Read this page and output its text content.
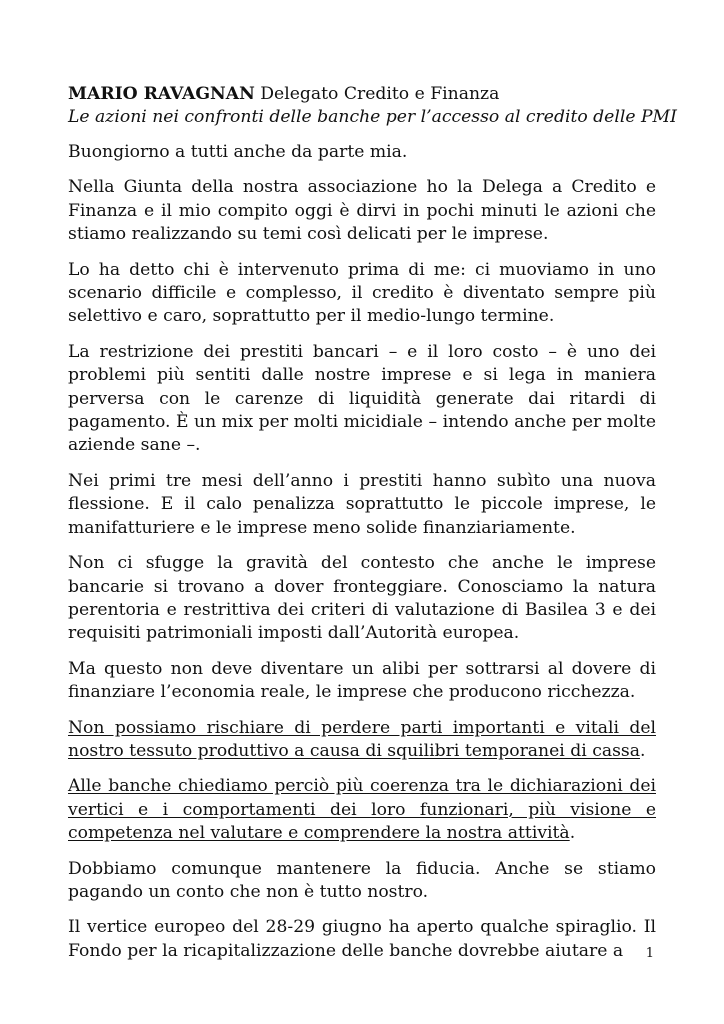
MARIO RAVAGNAN Delegato Credito e Finanza
Le azioni nei confronti delle banche per l’accesso al credito delle PMI

Buongiorno a tutti anche da parte mia.

Nella Giunta della nostra associazione ho la Delega a Credito e Finanza e il mio compito oggi è dirvi in pochi minuti le azioni che stiamo realizzando su temi così delicati per le imprese.

Lo ha detto chi è intervenuto prima di me: ci muoviamo in uno scenario difficile e complesso, il credito è diventato sempre più selettivo e caro, soprattutto per il medio-lungo termine.

La restrizione dei prestiti bancari – e il loro costo – è uno dei problemi più sentiti dalle nostre imprese e si lega in maniera perversa con le carenze di liquidità generate dai ritardi di pagamento. È un mix per molti micidiale – intendo anche per molte aziende sane –.

Nei primi tre mesi dell’anno i prestiti hanno subìto una nuova flessione. E il calo penalizza soprattutto le piccole imprese, le manifatturiere e le imprese meno solide finanziariamente.

Non ci sfugge la gravità del contesto che anche le imprese bancarie si trovano a dover fronteggiare. Conosciamo la natura perentoria e restrittiva dei criteri di valutazione di Basilea 3 e dei requisiti patrimoniali imposti dall’Autorità europea.

Ma questo non deve diventare un alibi per sottrarsi al dovere di finanziare l’economia reale, le imprese che producono ricchezza.

Non possiamo rischiare di perdere parti importanti e vitali del nostro tessuto produttivo a causa di squilibri temporanei di cassa.

Alle banche chiediamo perciò più coerenza tra le dichiarazioni dei vertici e i comportamenti dei loro funzionari, più visione e competenza nel valutare e comprendere la nostra attività.

Dobbiamo comunque mantenere la fiducia. Anche se stiamo pagando un conto che non è tutto nostro.

Il vertice europeo del 28-29 giugno ha aperto qualche spiraglio. Il Fondo per la ricapitalizzazione delle banche dovrebbe aiutare a	1
